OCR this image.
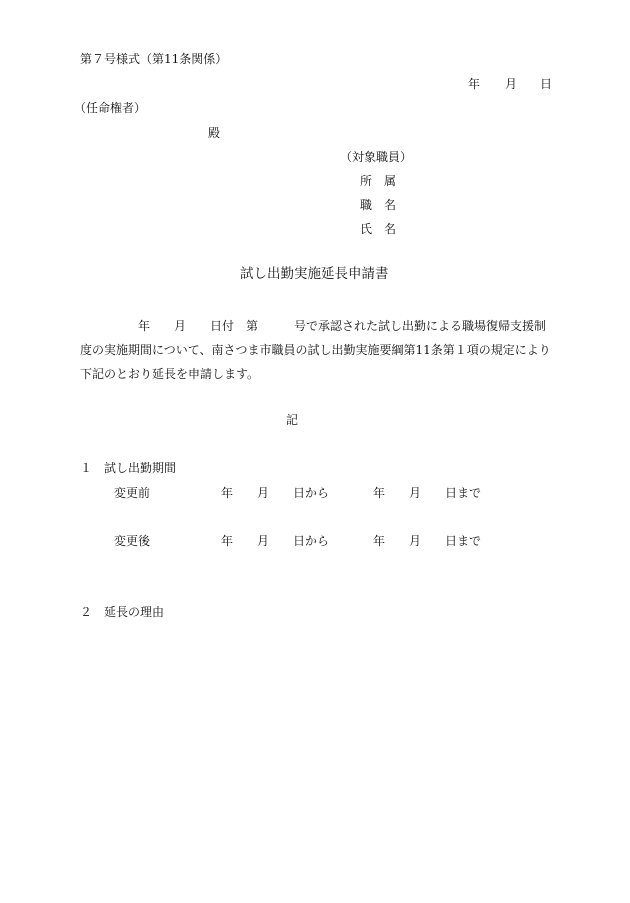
第７号様式（第11条関係）
年 月 日
（任命権者）
殿
（対象職員）
所　属
職　名
氏　名
試し出勤実施延長申請書
年　　月　　日付　第　　　号で承認された試し出勤による職場復帰支援制
度の実施期間について、南さつま市職員の試し出勤実施要綱第11条第１項の規定により
下記のとおり延長を申請します。
記
１　試し出勤期間
変更前	年　　月　　日から	年　　月　　日まで
変更後	年　　月　　日から	年　　月　　日まで
２　延長の理由
